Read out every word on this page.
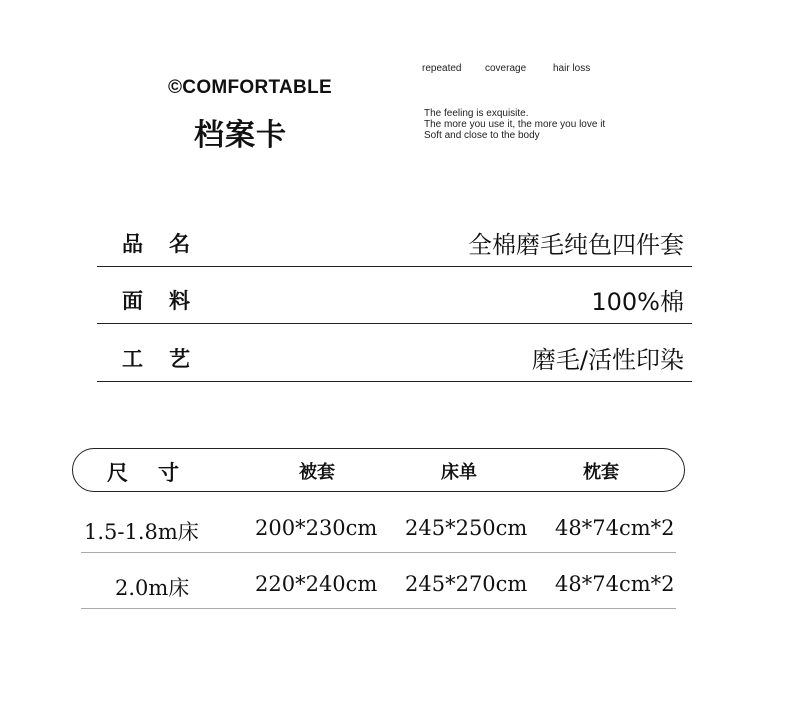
©COMFORTABLE
档案卡
repeated coverage	hair loss
The feeling is exquisite.
The more you use it, the more you love it
Soft and close to the body
品名	全棉磨毛纯色四件套
面料	100%棉
工艺	磨毛/活性印染
尺寸	被套	床单	枕套
1.5-1.8m床	200*230cm 245*250cm 48*74cm*2
2.0m床	220*240cm 245*270cm 48*74cm*2
